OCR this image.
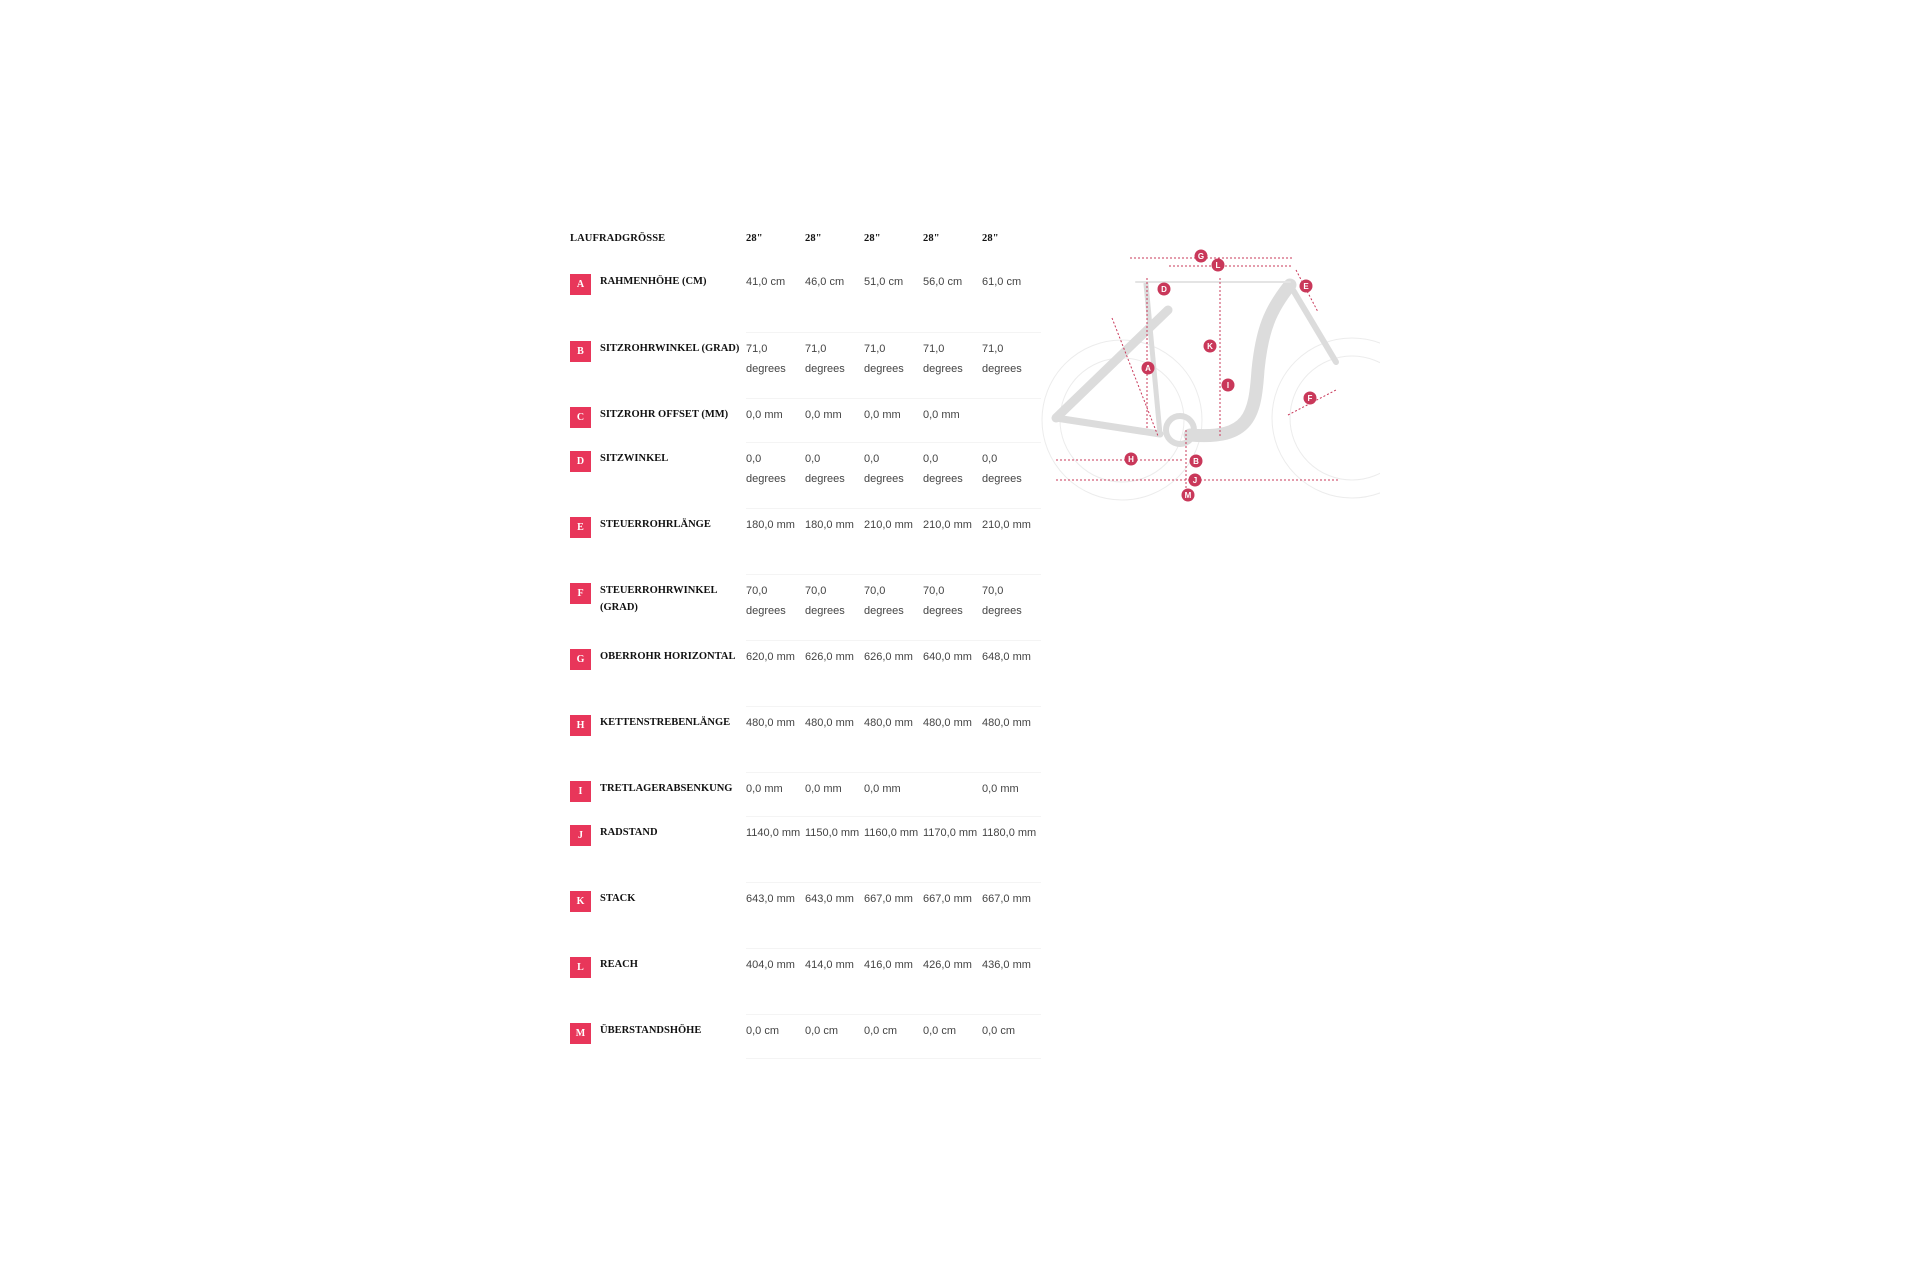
LAUFRADGRÖSSE	28"	28"	28"	28"	28"

A RAHMENHÖHE (CM)	41,0 cm	46,0 cm	51,0 cm	56,0 cm	61,0 cm

B SITZROHRWINKEL (GRAD)	71,0 degrees	71,0 degrees	71,0 degrees	71,0 degrees	71,0 degrees

C SITZROHR OFFSET (MM)	0,0 mm	0,0 mm	0,0 mm	0,0 mm	

D SITZWINKEL	0,0 degrees	0,0 degrees	0,0 degrees	0,0 degrees	0,0 degrees

E STEUERROHRLÄNGE	180,0 mm	180,0 mm	210,0 mm	210,0 mm	210,0 mm

F STEUERROHRWINKEL (GRAD)	70,0 degrees	70,0 degrees	70,0 degrees	70,0 degrees	70,0 degrees

G OBERROHR HORIZONTAL	620,0 mm	626,0 mm	626,0 mm	640,0 mm	648,0 mm

H KETTENSTREBENLÄNGE	480,0 mm	480,0 mm	480,0 mm	480,0 mm	480,0 mm

I TRETLAGERABSENKUNG	0,0 mm	0,0 mm	0,0 mm		0,0 mm

J RADSTAND	1140,0 mm	1150,0 mm	1160,0 mm	1170,0 mm	1180,0 mm

K STACK	643,0 mm	643,0 mm	667,0 mm	667,0 mm	667,0 mm

L REACH	404,0 mm	414,0 mm	416,0 mm	426,0 mm	436,0 mm

M ÜBERSTANDSHÖHE	0,0 cm	0,0 cm	0,0 cm	0,0 cm	0,0 cm
G
L
D	E
K
A
I
F
H	B
J
M
